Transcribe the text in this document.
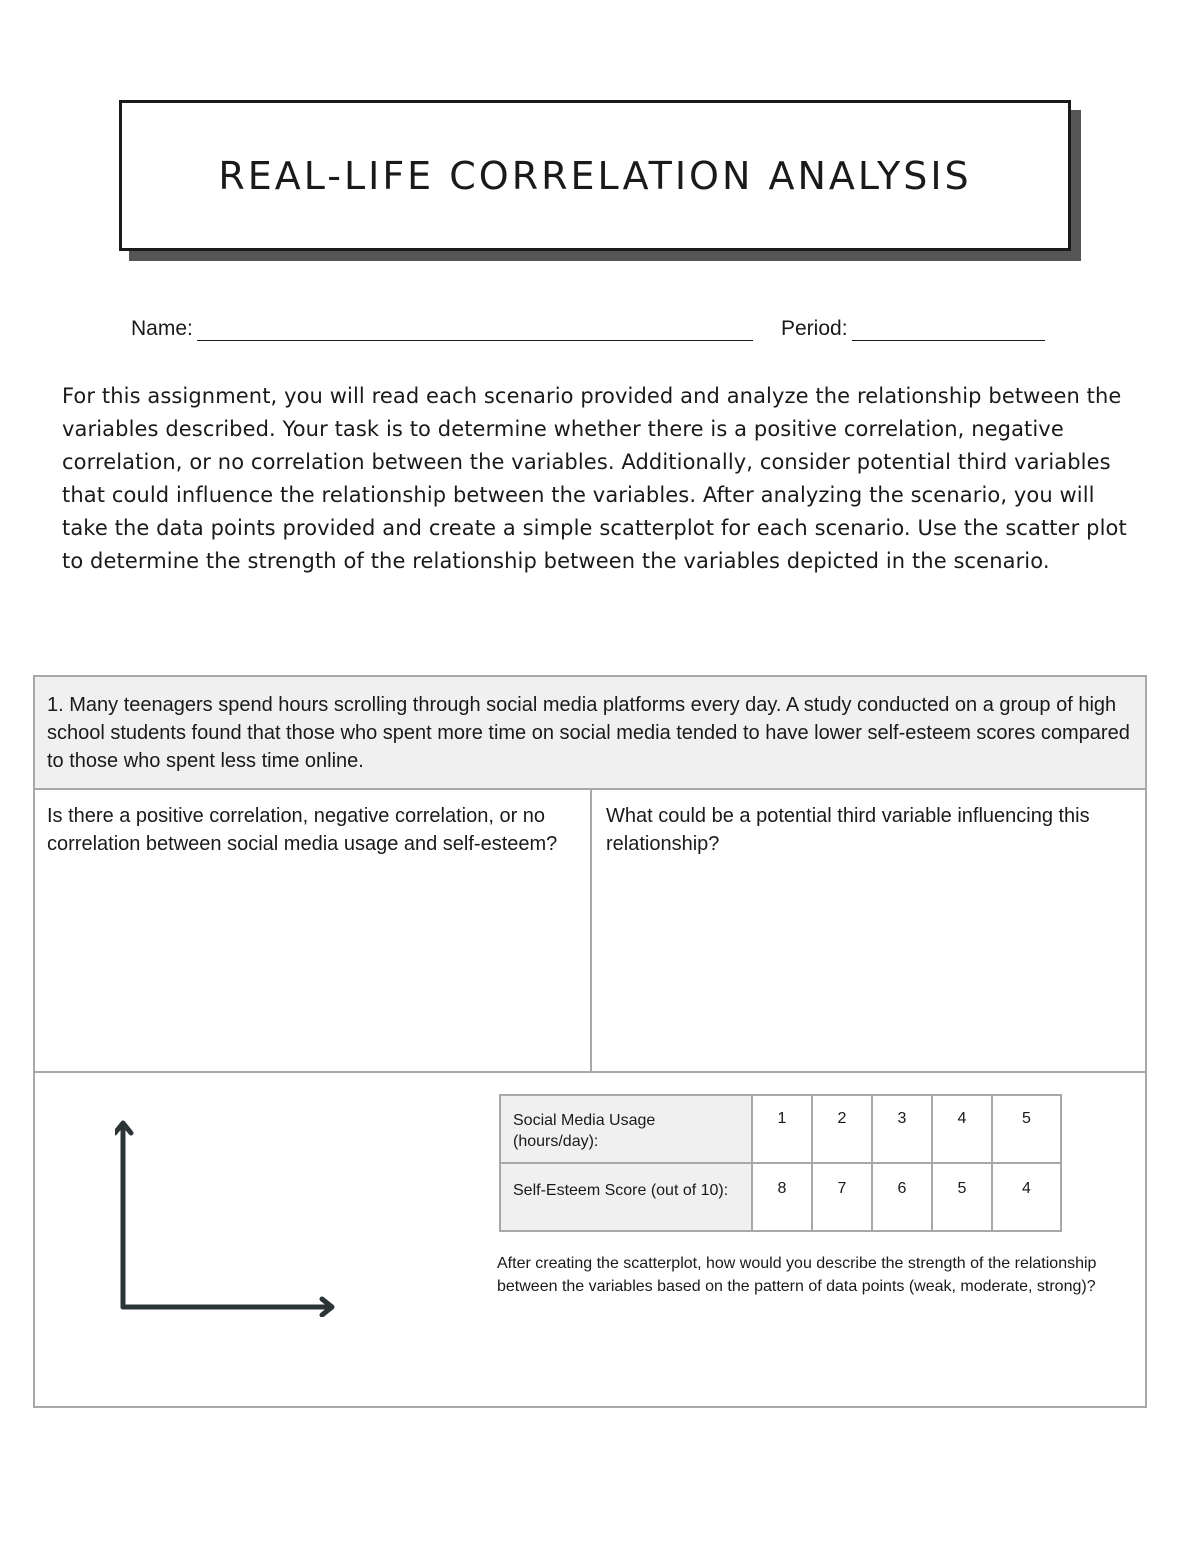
REAL-LIFE CORRELATION ANALYSIS
Name:	Period:
For this assignment, you will read each scenario provided and analyze the relationship between the variables described. Your task is to determine whether there is a positive correlation, negative correlation, or no correlation between the variables. Additionally, consider potential third variables that could influence the relationship between the variables. After analyzing the scenario, you will take the data points provided and create a simple scatterplot for each scenario. Use the scatter plot to determine the strength of the relationship between the variables depicted in the scenario.
1. Many teenagers spend hours scrolling through social media platforms every day. A study conducted on a group of high school students found that those who spent more time on social media tended to have lower self-esteem scores compared to those who spent less time online.
Is there a positive correlation, negative correlation, or no correlation between social media usage and self-esteem?
What could be a potential third variable influencing this relationship?
Social Media Usage (hours/day):	1	2	3	4	5
Self-Esteem Score (out of 10):	8	7	6	5	4
After creating the scatterplot, how would you describe the strength of the relationship between the variables based on the pattern of data points (weak, moderate, strong)?
